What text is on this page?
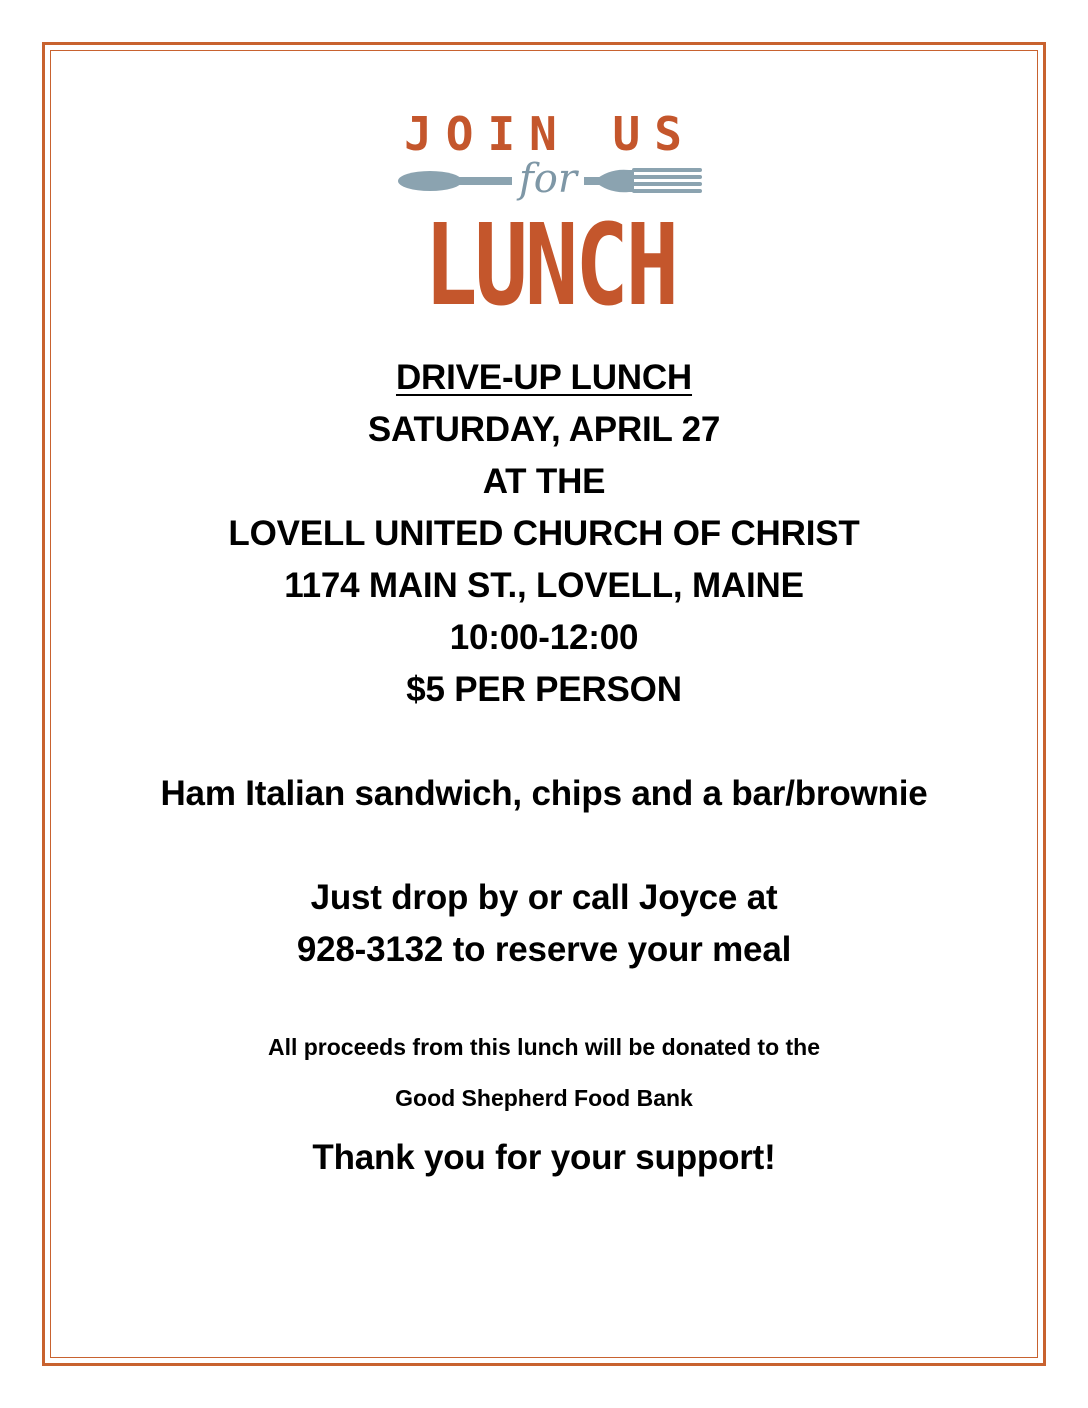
JOIN US
for
LUNCH
DRIVE-UP LUNCH
SATURDAY, APRIL 27
AT THE
LOVELL UNITED CHURCH OF CHRIST
1174 MAIN ST., LOVELL, MAINE
10:00-12:00
$5 PER PERSON
Ham Italian sandwich, chips and a bar/brownie
Just drop by or call Joyce at
928-3132 to reserve your meal
All proceeds from this lunch will be donated to the
Good Shepherd Food Bank
Thank you for your support!
